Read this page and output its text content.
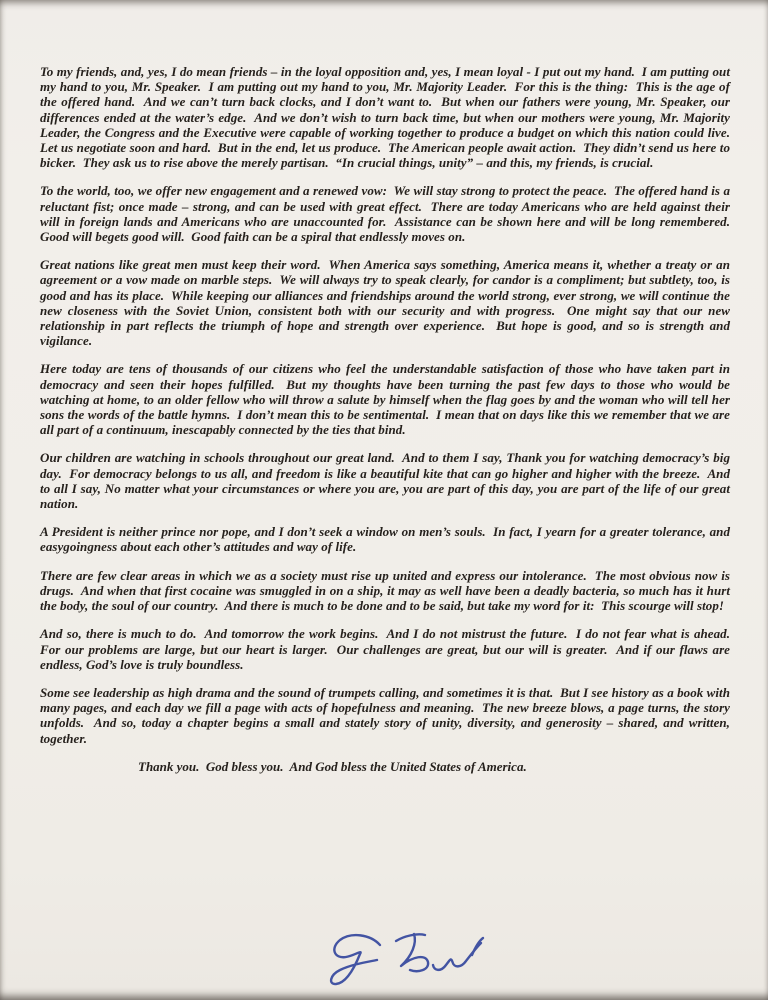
To my friends, and, yes, I do mean friends – in the loyal opposition and, yes, I mean loyal - I put out my hand.  I am putting out my hand to you, Mr. Speaker.  I am putting out my hand to you, Mr. Majority Leader.  For this is the thing:  This is the age of the offered hand.  And we can’t turn back clocks, and I don’t want to.  But when our fathers were young, Mr. Speaker, our differences ended at the water’s edge.  And we don’t wish to turn back time, but when our mothers were young, Mr. Majority Leader, the Congress and the Executive were capable of working together to produce a budget on which this nation could live.  Let us negotiate soon and hard.  But in the end, let us produce.  The American people await action.  They didn’t send us here to bicker.  They ask us to rise above the merely partisan.  “In crucial things, unity” – and this, my friends, is crucial.

To the world, too, we offer new engagement and a renewed vow:  We will stay strong to protect the peace.  The offered hand is a reluctant fist; once made – strong, and can be used with great effect.  There are today Americans who are held against their will in foreign lands and Americans who are unaccounted for.  Assistance can be shown here and will be long remembered.  Good will begets good will.  Good faith can be a spiral that endlessly moves on.

Great nations like great men must keep their word.  When America says something, America means it, whether a treaty or an agreement or a vow made on marble steps.  We will always try to speak clearly, for candor is a compliment; but subtlety, too, is good and has its place.  While keeping our alliances and friendships around the world strong, ever strong, we will continue the new closeness with the Soviet Union, consistent both with our security and with progress.  One might say that our new relationship in part reflects the triumph of hope and strength over experience.  But hope is good, and so is strength and vigilance.

Here today are tens of thousands of our citizens who feel the understandable satisfaction of those who have taken part in democracy and seen their hopes fulfilled.  But my thoughts have been turning the past few days to those who would be watching at home, to an older fellow who will throw a salute by himself when the flag goes by and the woman who will tell her sons the words of the battle hymns.  I don’t mean this to be sentimental.  I mean that on days like this we remember that we are all part of a continuum, inescapably connected by the ties that bind.

Our children are watching in schools throughout our great land.  And to them I say, Thank you for watching democracy’s big day.  For democracy belongs to us all, and freedom is like a beautiful kite that can go higher and higher with the breeze.  And to all I say, No matter what your circumstances or where you are, you are part of this day, you are part of the life of our great nation.

A President is neither prince nor pope, and I don’t seek a window on men’s souls.  In fact, I yearn for a greater tolerance, and easygoingness about each other’s attitudes and way of life.

There are few clear areas in which we as a society must rise up united and express our intolerance.  The most obvious now is drugs.  And when that first cocaine was smuggled in on a ship, it may as well have been a deadly bacteria, so much has it hurt the body, the soul of our country.  And there is much to be done and to be said, but take my word for it:  This scourge will stop!

And so, there is much to do.  And tomorrow the work begins.  And I do not mistrust the future.  I do not fear what is ahead.  For our problems are large, but our heart is larger.  Our challenges are great, but our will is greater.  And if our flaws are endless, God’s love is truly boundless.

Some see leadership as high drama and the sound of trumpets calling, and sometimes it is that.  But I see history as a book with many pages, and each day we fill a page with acts of hopefulness and meaning.  The new breeze blows, a page turns, the story unfolds.  And so, today a chapter begins a small and stately story of unity, diversity, and generosity – shared, and written, together.

Thank you.  God bless you.  And God bless the United States of America.
